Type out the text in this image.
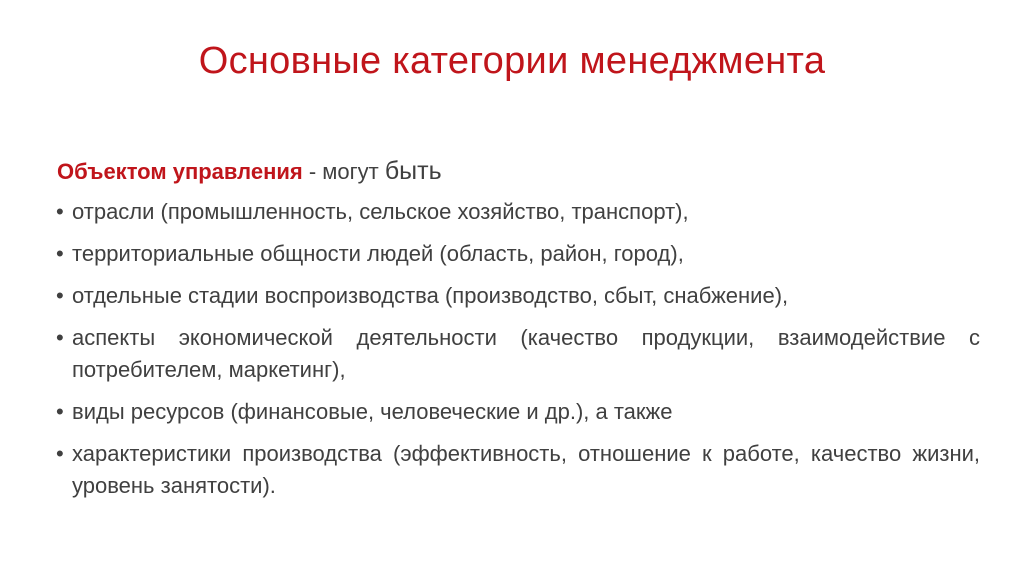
Основные категории менеджмента

Объектом управления - могут быть

• отрасли (промышленность, сельское хозяйство, транспорт),
• территориальные общности людей (область, район, город),
• отдельные стадии воспроизводства (производство, сбыт, снабжение),
• аспекты экономической деятельности (качество продукции, взаимодействие с потребителем, маркетинг),
• виды ресурсов (финансовые, человеческие и др.), а также
• характеристики производства (эффективность, отношение к работе, качество жизни, уровень занятости).
